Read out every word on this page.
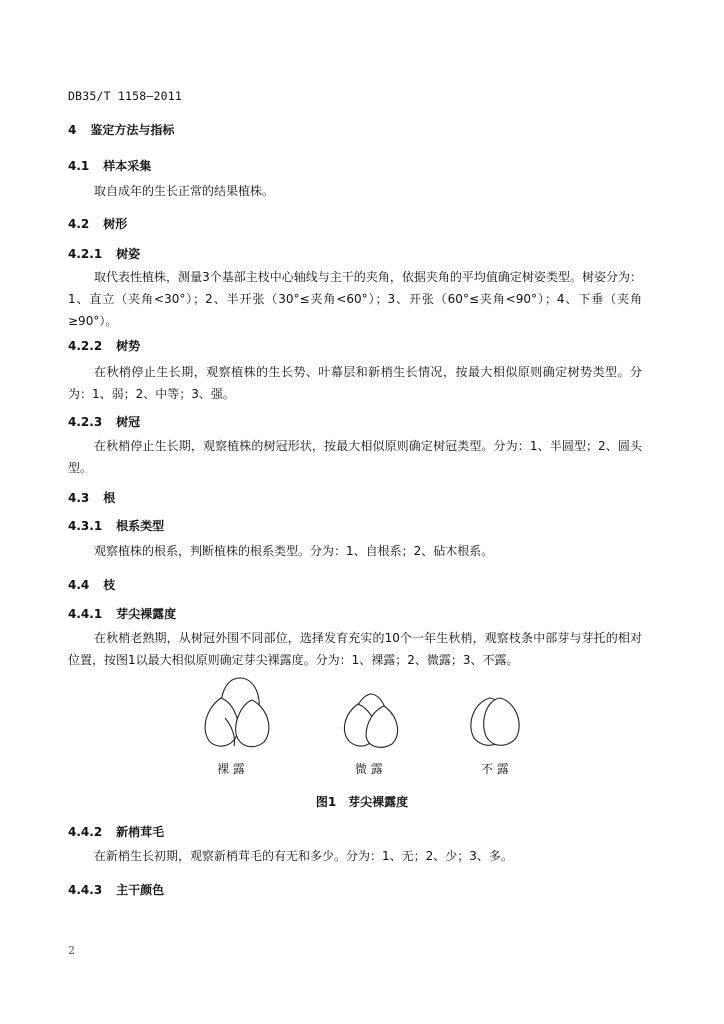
DB35/T 1158—2011
4 鉴定方法与指标
4.1 样本采集

取自成年的生长正常的结果植株。

4.2 树形
4.2.1 树姿

取代表性植株，测量3个基部主枝中心轴线与主干的夹角，依据夹角的平均值确定树姿类型。树姿分为：1、直立（夹角<30°）；2、半开张（30°≤夹角<60°）；3、开张（60°≤夹角<90°）；4、下垂（夹角≥90°）。

4.2.2 树势

在秋梢停止生长期，观察植株的生长势、叶幕层和新梢生长情况，按最大相似原则确定树势类型。分为：1、弱；2、中等；3、强。

4.2.3 树冠

在秋梢停止生长期，观察植株的树冠形状，按最大相似原则确定树冠类型。分为：1、半圆型；2、圆头型。

4.3 根
4.3.1 根系类型

观察植株的根系，判断植株的根系类型。分为：1、自根系；2、砧木根系。

4.4 枝
4.4.1 芽尖裸露度

在秋梢老熟期，从树冠外围不同部位，选择发育充实的10个一年生秋梢，观察枝条中部芽与芽托的相对位置，按图1以最大相似原则确定芽尖裸露度。分为：1、裸露；2、微露；3、不露。

裸 露	微 露	不 露
图1 芽尖裸露度
4.4.2 新梢茸毛

在新梢生长初期，观察新梢茸毛的有无和多少。分为：1、无；2、少；3、多。

4.4.3 主干颜色
2
